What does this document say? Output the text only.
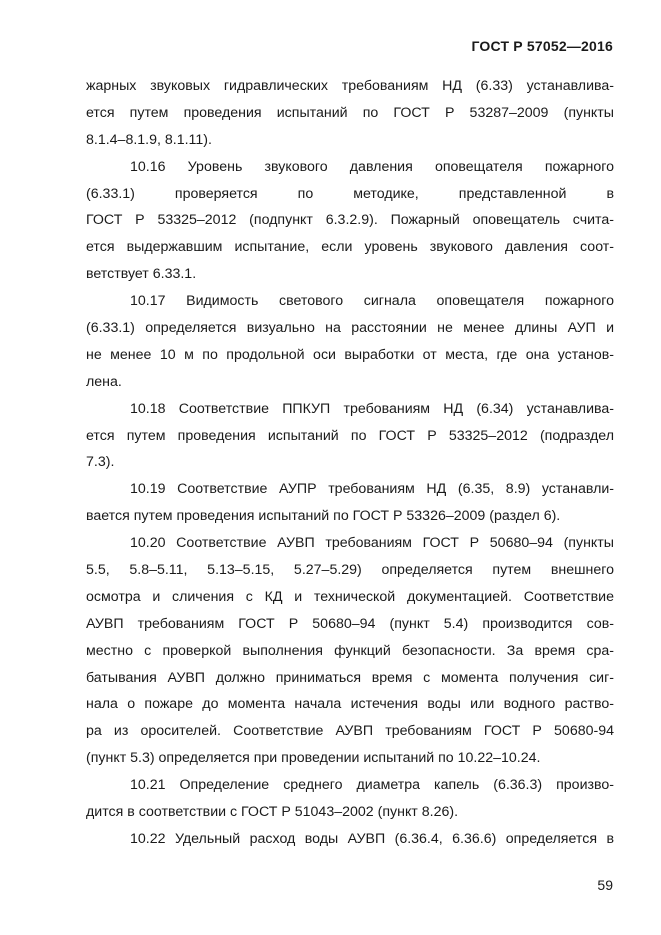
ГОСТ Р 57052—2016
жарных звуковых гидравлических требованиям НД (6.33) устанавлива-
ется путем проведения испытаний по ГОСТ Р 53287–2009 (пункты
8.1.4–8.1.9, 8.1.11).
10.16 Уровень звукового давления оповещателя пожарного
(6.33.1) проверяется по методике, представленной в
ГОСТ Р 53325–2012 (подпункт 6.3.2.9). Пожарный оповещатель счита-
ется выдержавшим испытание, если уровень звукового давления соот-
ветствует 6.33.1.
10.17 Видимость светового сигнала оповещателя пожарного
(6.33.1) определяется визуально на расстоянии не менее длины АУП и
не менее 10 м по продольной оси выработки от места, где она установ-
лена.
10.18 Соответствие ППКУП требованиям НД (6.34) устанавлива-
ется путем проведения испытаний по ГОСТ Р 53325–2012 (подраздел
7.3).
10.19 Соответствие АУПР требованиям НД (6.35, 8.9) устанавли-
вается путем проведения испытаний по ГОСТ Р 53326–2009 (раздел 6).
10.20 Соответствие АУВП требованиям ГОСТ Р 50680–94 (пункты
5.5, 5.8–5.11, 5.13–5.15, 5.27–5.29) определяется путем внешнего
осмотра и сличения с КД и технической документацией. Соответствие
АУВП требованиям ГОСТ Р 50680–94 (пункт 5.4) производится сов-
местно с проверкой выполнения функций безопасности. За время сра-
батывания АУВП должно приниматься время с момента получения сиг-
нала о пожаре до момента начала истечения воды или водного раство-
ра из оросителей. Соответствие АУВП требованиям ГОСТ Р 50680-94
(пункт 5.3) определяется при проведении испытаний по 10.22–10.24.
10.21 Определение среднего диаметра капель (6.36.3) произво-
дится в соответствии с ГОСТ Р 51043–2002 (пункт 8.26).
10.22 Удельный расход воды АУВП (6.36.4, 6.36.6) определяется в
59
